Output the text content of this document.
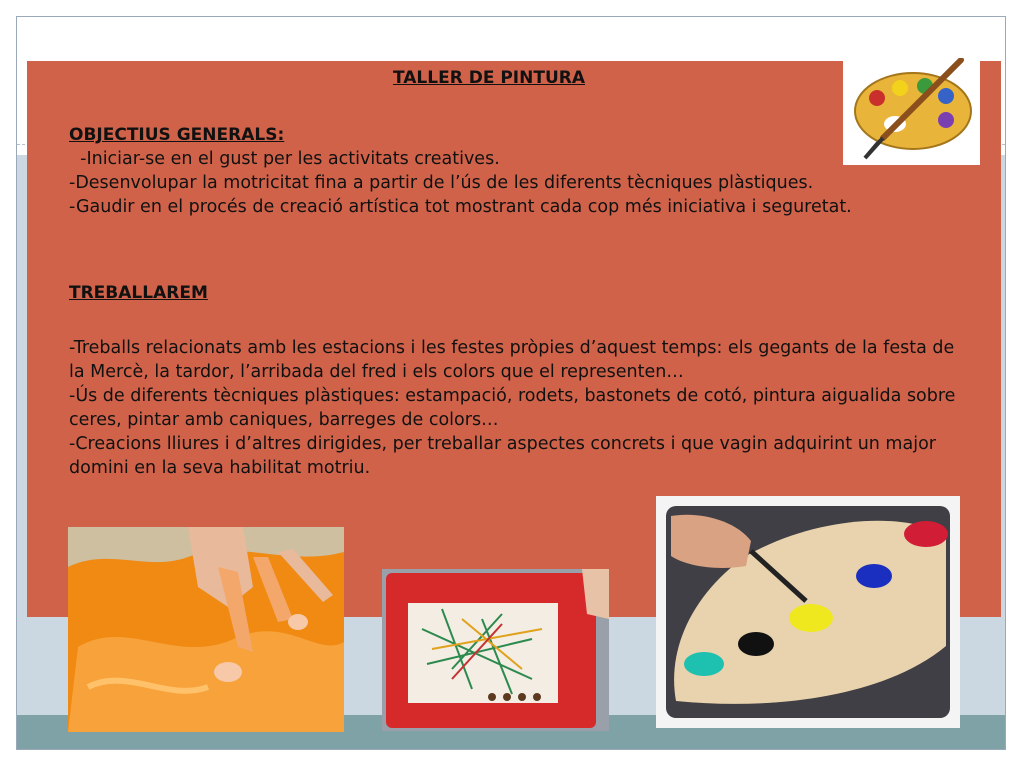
TALLER DE PINTURA
OBJECTIUS GENERALS:
-Iniciar-se en el gust per les activitats creatives.
-Desenvolupar la motricitat fina a partir de l’ús de les diferents tècniques plàstiques.
-Gaudir en el procés de creació artística tot mostrant cada cop més iniciativa i seguretat.
TREBALLAREM
-Treballs relacionats amb les estacions i les festes pròpies d’aquest temps: els gegants de la festa de la Mercè, la tardor, l’arribada del fred i els colors que el representen…
-Ús de diferents tècniques plàstiques: estampació, rodets, bastonets de cotó, pintura aigualida sobre ceres, pintar amb caniques, barreges de colors…
-Creacions lliures i d’altres dirigides, per treballar aspectes concrets i que vagin adquirint un major domini en la seva habilitat motriu.
